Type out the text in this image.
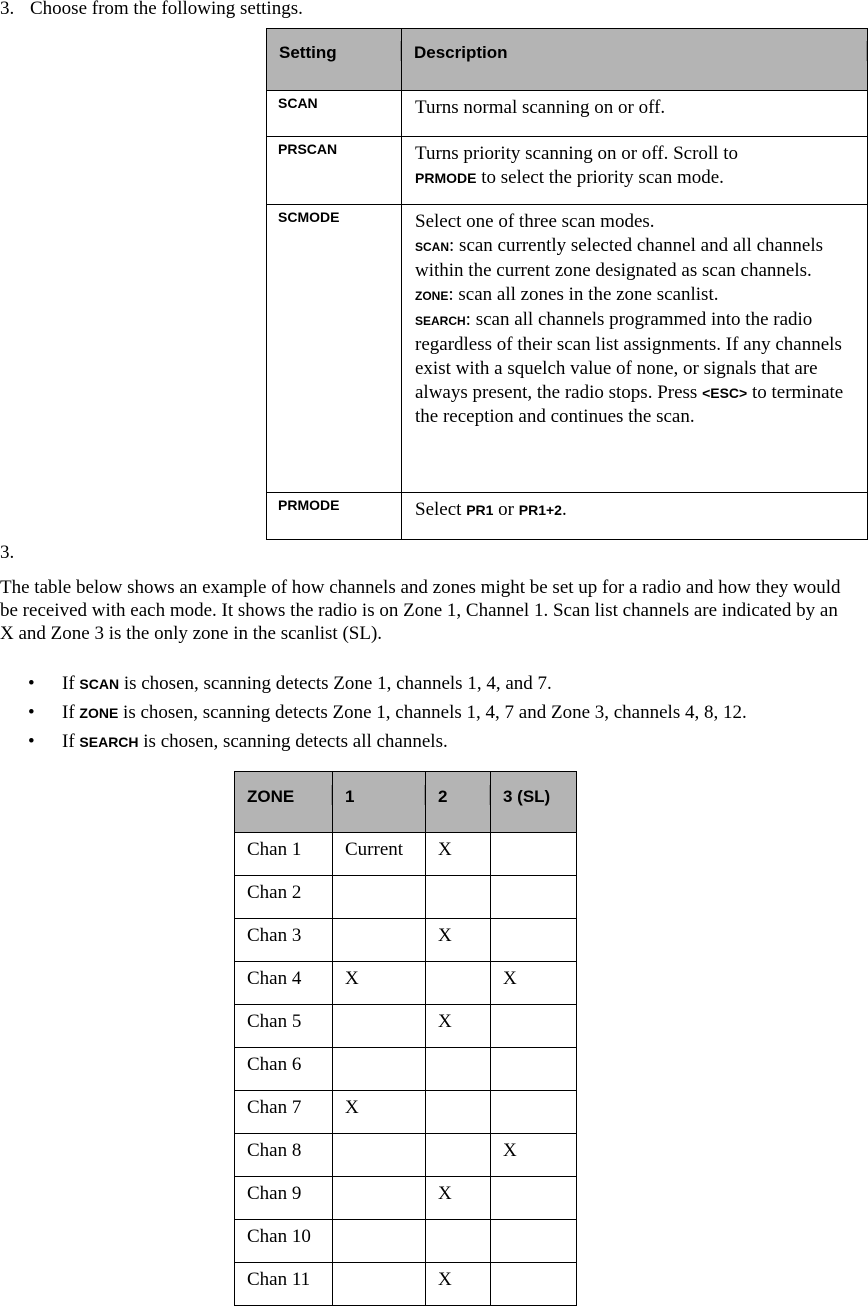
3. Choose from the following settings.
Setting	Description

SCAN	Turns normal scanning on or off.
PRSCAN	Turns priority scanning on or off. Scroll to
PRMODE to select the priority scan mode.
SCMODE	Select one of three scan modes.
SCAN: scan currently selected channel and all channels within the current zone designated as scan channels.
ZONE: scan all zones in the zone scanlist.
SEARCH: scan all channels programmed into the radio regardless of their scan list assignments. If any channels exist with a squelch value of none, or signals that are always present, the radio stops. Press <ESC> to terminate the reception and continues the scan.

PRMODE	Select PR1 or PR1+2.
3.
The table below shows an example of how channels and zones might be set up for a radio and how they would be received with each mode. It shows the radio is on Zone 1, Channel 1. Scan list channels are indicated by an X and Zone 3 is the only zone in the scanlist (SL).
• If SCAN is chosen, scanning detects Zone 1, channels 1, 4, and 7.
• If ZONE is chosen, scanning detects Zone 1, channels 1, 4, 7 and Zone 3, channels 4, 8, 12.
• If SEARCH is chosen, scanning detects all channels.
ZONE	1	2	3 (SL)

Chan 1	Current	X	
Chan 2			
Chan 3		X	
Chan 4	X		X
Chan 5		X	
Chan 6			
Chan 7	X		
Chan 8			X
Chan 9		X	
Chan 10			
Chan 11		X	
